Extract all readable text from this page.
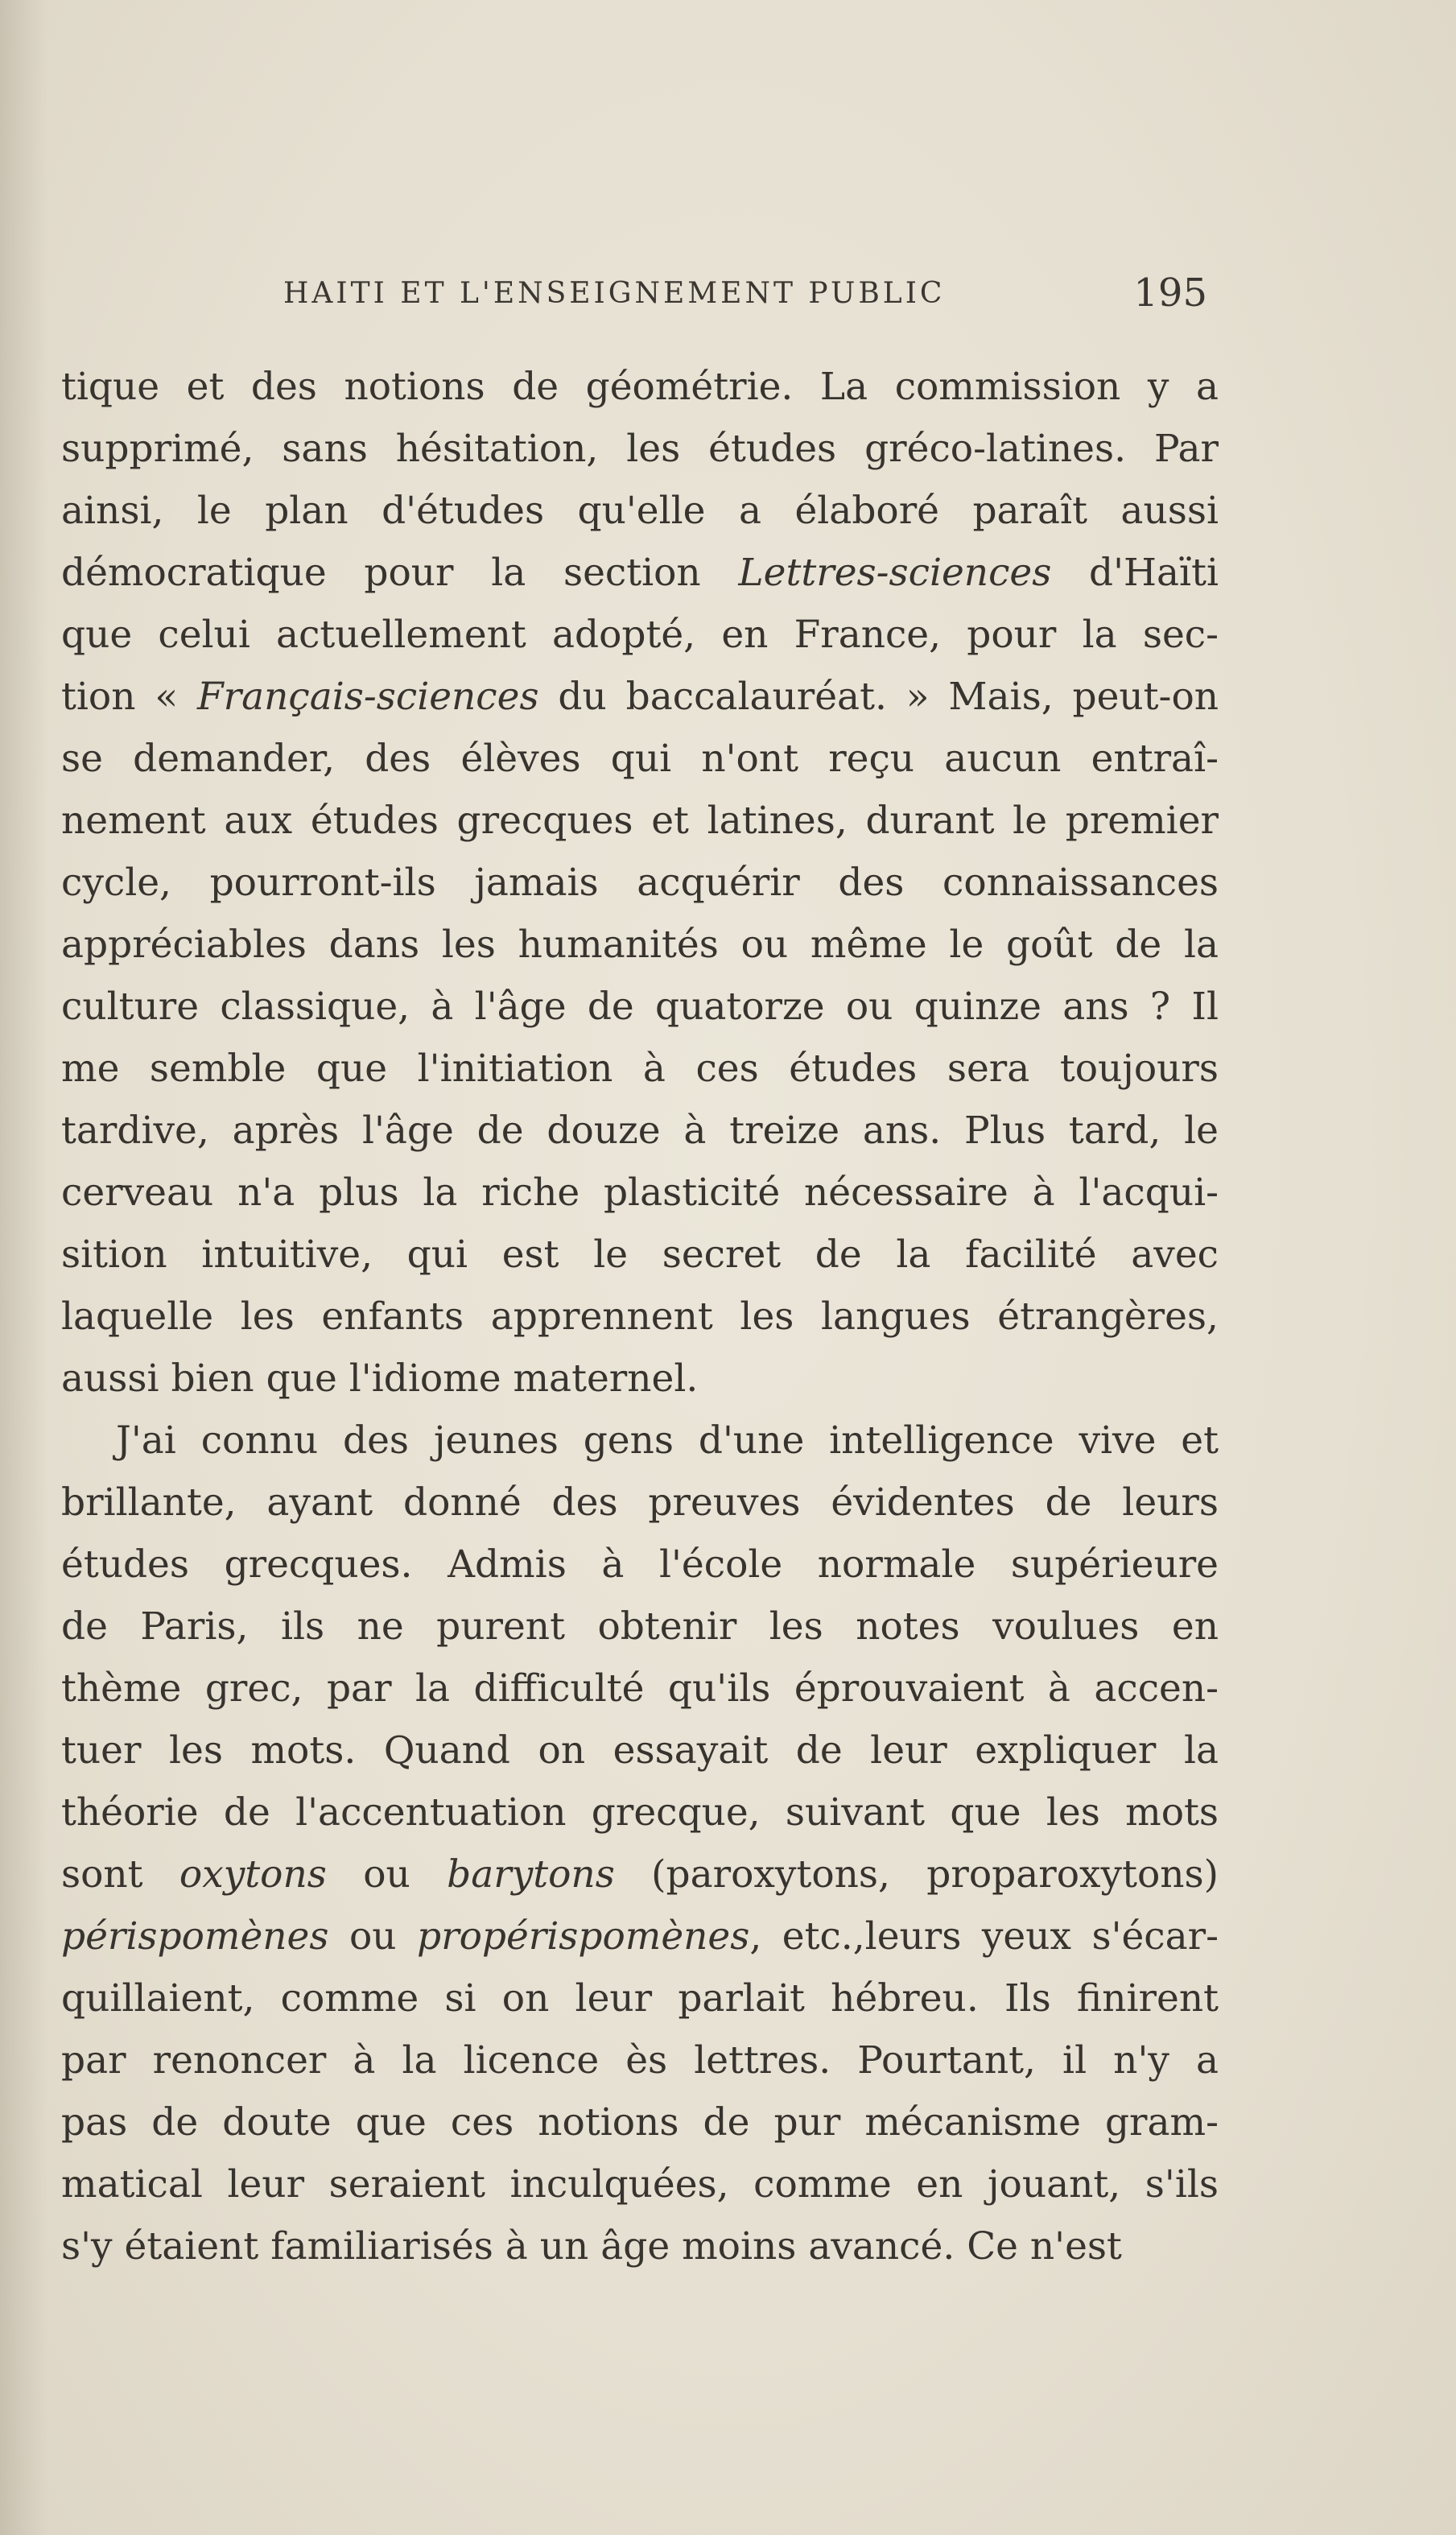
HAITI ET L'ENSEIGNEMENT PUBLIC	195
tique et des notions de géométrie. La commission y a
supprimé, sans hésitation, les études gréco-latines. Par
ainsi, le plan d'études qu'elle a élaboré paraît aussi
démocratique pour la section Lettres-sciences d'Haïti
que celui actuellement adopté, en France, pour la sec-
tion « Français-sciences du baccalauréat. » Mais, peut-on
se demander, des élèves qui n'ont reçu aucun entraî-
nement aux études grecques et latines, durant le premier
cycle, pourront-ils jamais acquérir des connaissances
appréciables dans les humanités ou même le goût de la
culture classique, à l'âge de quatorze ou quinze ans ? Il
me semble que l'initiation à ces études sera toujours
tardive, après l'âge de douze à treize ans. Plus tard, le
cerveau n'a plus la riche plasticité nécessaire à l'acqui-
sition intuitive, qui est le secret de la facilité avec
laquelle les enfants apprennent les langues étrangères,
aussi bien que l'idiome maternel.
J'ai connu des jeunes gens d'une intelligence vive et
brillante, ayant donné des preuves évidentes de leurs
études grecques. Admis à l'école normale supérieure
de Paris, ils ne purent obtenir les notes voulues en
thème grec, par la difficulté qu'ils éprouvaient à accen-
tuer les mots. Quand on essayait de leur expliquer la
théorie de l'accentuation grecque, suivant que les mots
sont oxytons ou barytons (paroxytons, proparoxytons)
périspomènes ou propérispomènes, etc.,leurs yeux s'écar-
quillaient, comme si on leur parlait hébreu. Ils finirent
par renoncer à la licence ès lettres. Pourtant, il n'y a
pas de doute que ces notions de pur mécanisme gram-
matical leur seraient inculquées, comme en jouant, s'ils
s'y étaient familiarisés à un âge moins avancé. Ce n'est
